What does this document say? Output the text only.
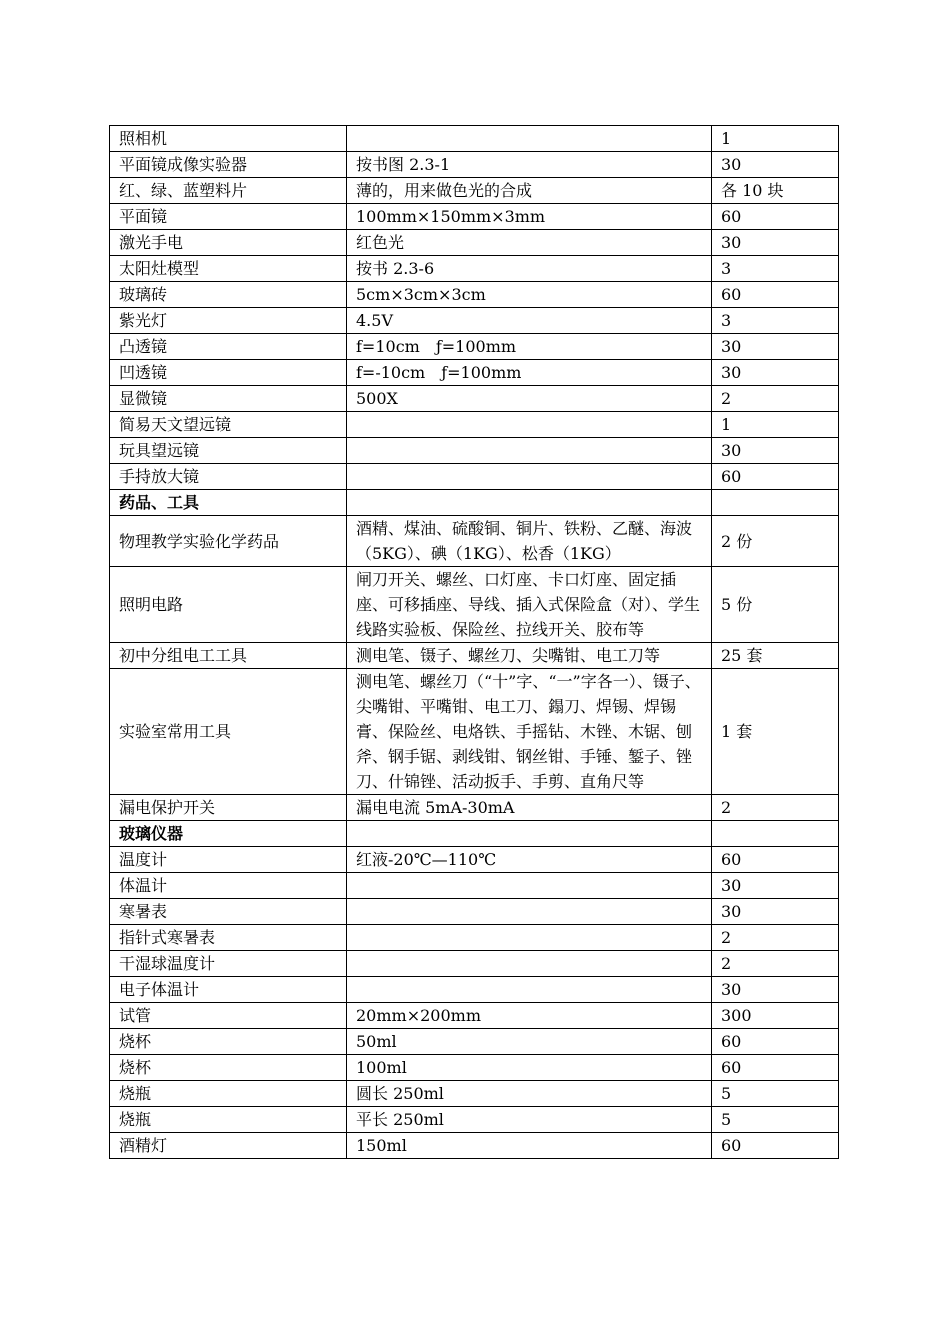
照相机		1
平面镜成像实验器	按书图 2.3-1	30
红、绿、蓝塑料片	薄的，用来做色光的合成	各 10 块
平面镜	100mm×150mm×3mm	60
激光手电	红色光	30
太阳灶模型	按书 2.3-6	3
玻璃砖	5cm×3cm×3cm	60
紫光灯	4.5V	3
凸透镜	f=10cm　ƒ=100mm	30
凹透镜	f=-10cm　ƒ=100mm	30
显微镜	500X	2
简易天文望远镜		1
玩具望远镜		30
手持放大镜		60
药品、工具		
物理教学实验化学药品	酒精、煤油、硫酸铜、铜片、铁粉、乙醚、海波（5KG）、碘（1KG）、松香（1KG）	2 份
照明电路	闸刀开关、螺丝、口灯座、卡口灯座、固定插座、可移插座、导线、插入式保险盒（对）、学生线路实验板、保险丝、拉线开关、胶布等	5 份
初中分组电工工具	测电笔、镊子、螺丝刀、尖嘴钳、电工刀等	25 套
实验室常用工具	测电笔、螺丝刀（“十”字、“一”字各一）、镊子、尖嘴钳、平嘴钳、电工刀、鎉刀、焊锡、焊锡膏、保险丝、电烙铁、手摇钻、木锉、木锯、刨斧、钢手锯、剥线钳、钢丝钳、手锤、錾子、锉刀、什锦锉、活动扳手、手剪、直角尺等	1 套
漏电保护开关	漏电电流 5mA-30mA	2
玻璃仪器		
温度计	红液-20℃—110℃	60
体温计		30
寒暑表		30
指针式寒暑表		2
干湿球温度计		2
电子体温计		30
试管	20mm×200mm	300
烧杯	50ml	60
烧杯	100ml	60
烧瓶	圆长 250ml	5
烧瓶	平长 250ml	5
酒精灯	150ml	60
